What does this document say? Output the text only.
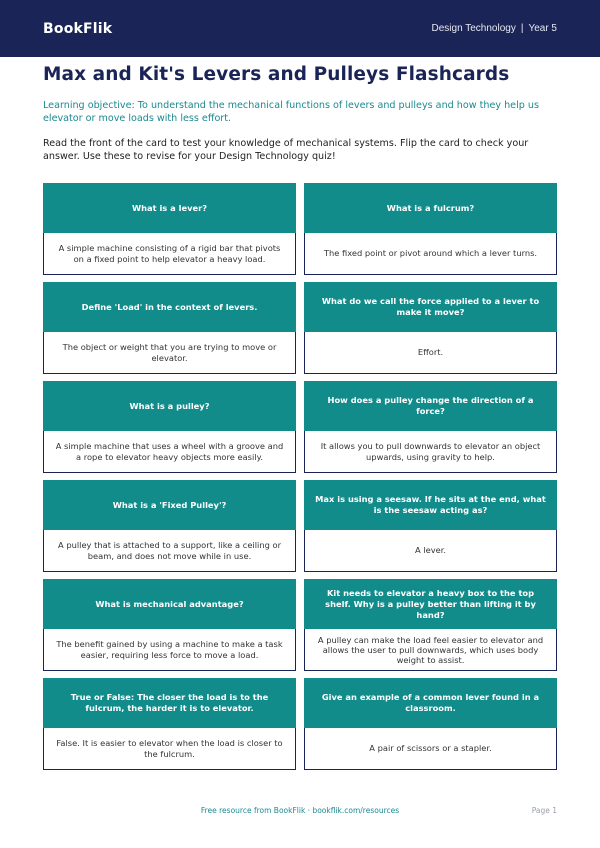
BookFlik	Design Technology | Year 5
Max and Kit's Levers and Pulleys Flashcards

Learning objective: To understand the mechanical functions of levers and pulleys and how they help us elevator or move loads with less effort.

Read the front of the card to test your knowledge of mechanical systems. Flip the card to check your answer. Use these to revise for your Design Technology quiz!

What is a lever?
A simple machine consisting of a rigid bar that pivots on a fixed point to help elevator a heavy load.
What is a fulcrum?
The fixed point or pivot around which a lever turns.
Define 'Load' in the context of levers.
The object or weight that you are trying to move or elevator.
What do we call the force applied to a lever to make it move?
Effort.
What is a pulley?
A simple machine that uses a wheel with a groove and a rope to elevator heavy objects more easily.
How does a pulley change the direction of a force?
It allows you to pull downwards to elevator an object upwards, using gravity to help.
What is a 'Fixed Pulley'?
A pulley that is attached to a support, like a ceiling or beam, and does not move while in use.
Max is using a seesaw. If he sits at the end, what is the seesaw acting as?
A lever.
What is mechanical advantage?
The benefit gained by using a machine to make a task easier, requiring less force to move a load.
Kit needs to elevator a heavy box to the top shelf. Why is a pulley better than lifting it by hand?
A pulley can make the load feel easier to elevator and allows the user to pull downwards, which uses body weight to assist.
True or False: The closer the load is to the fulcrum, the harder it is to elevator.
False. It is easier to elevator when the load is closer to the fulcrum.
Give an example of a common lever found in a classroom.
A pair of scissors or a stapler.
Free resource from BookFlik · bookflik.com/resources	Page 1
